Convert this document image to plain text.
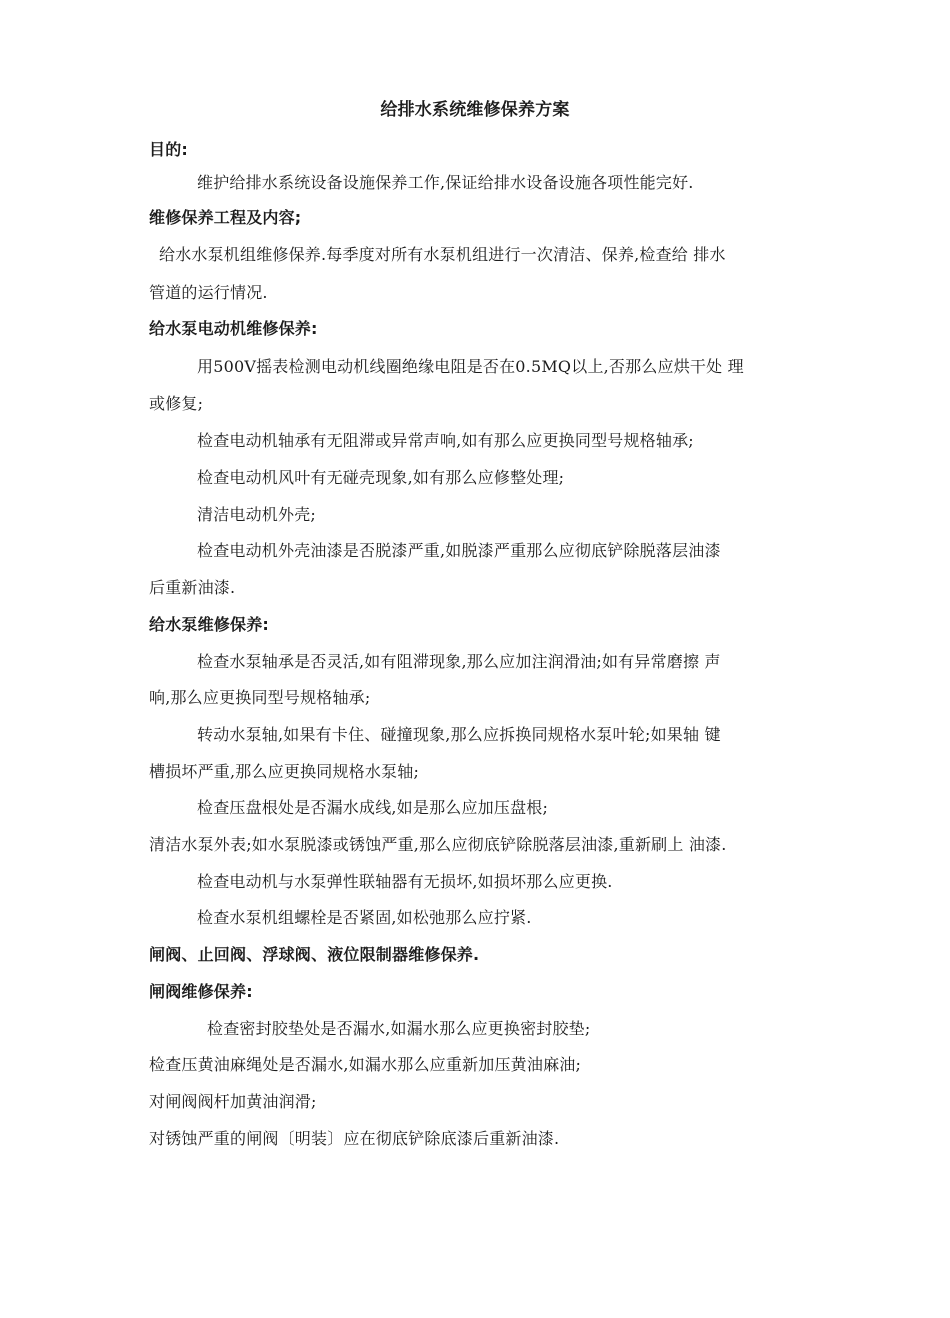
给排水系统维修保养方案
目的:
维护给排水系统设备设施保养工作,保证给排水设备设施各项性能完好.
维修保养工程及内容;
给水水泵机组维修保养.每季度对所有水泵机组进行一次清洁、保养,检查给 排水
管道的运行情况.
给水泵电动机维修保养:
用500V摇表检测电动机线圈绝缘电阻是否在0.5MQ以上,否那么应烘干处 理
或修复;
检查电动机轴承有无阻滞或异常声响,如有那么应更换同型号规格轴承;
检查电动机风叶有无碰壳现象,如有那么应修整处理;
清洁电动机外壳;
检查电动机外壳油漆是否脱漆严重,如脱漆严重那么应彻底铲除脱落层油漆
后重新油漆.
给水泵维修保养:
检查水泵轴承是否灵活,如有阻滞现象,那么应加注润滑油;如有异常磨擦 声
响,那么应更换同型号规格轴承;
转动水泵轴,如果有卡住、碰撞现象,那么应拆换同规格水泵叶轮;如果轴 键
槽损坏严重,那么应更换同规格水泵轴;
检查压盘根处是否漏水成线,如是那么应加压盘根;
清洁水泵外表;如水泵脱漆或锈蚀严重,那么应彻底铲除脱落层油漆,重新刷上 油漆.
检查电动机与水泵弹性联轴器有无损坏,如损坏那么应更换.
检查水泵机组螺栓是否紧固,如松弛那么应拧紧.
闸阀、止回阀、浮球阀、液位限制器维修保养.
闸阀维修保养:
检查密封胶垫处是否漏水,如漏水那么应更换密封胶垫;
检查压黄油麻绳处是否漏水,如漏水那么应重新加压黄油麻油;
对闸阀阀杆加黄油润滑;
对锈蚀严重的闸阀〔明装〕应在彻底铲除底漆后重新油漆.
